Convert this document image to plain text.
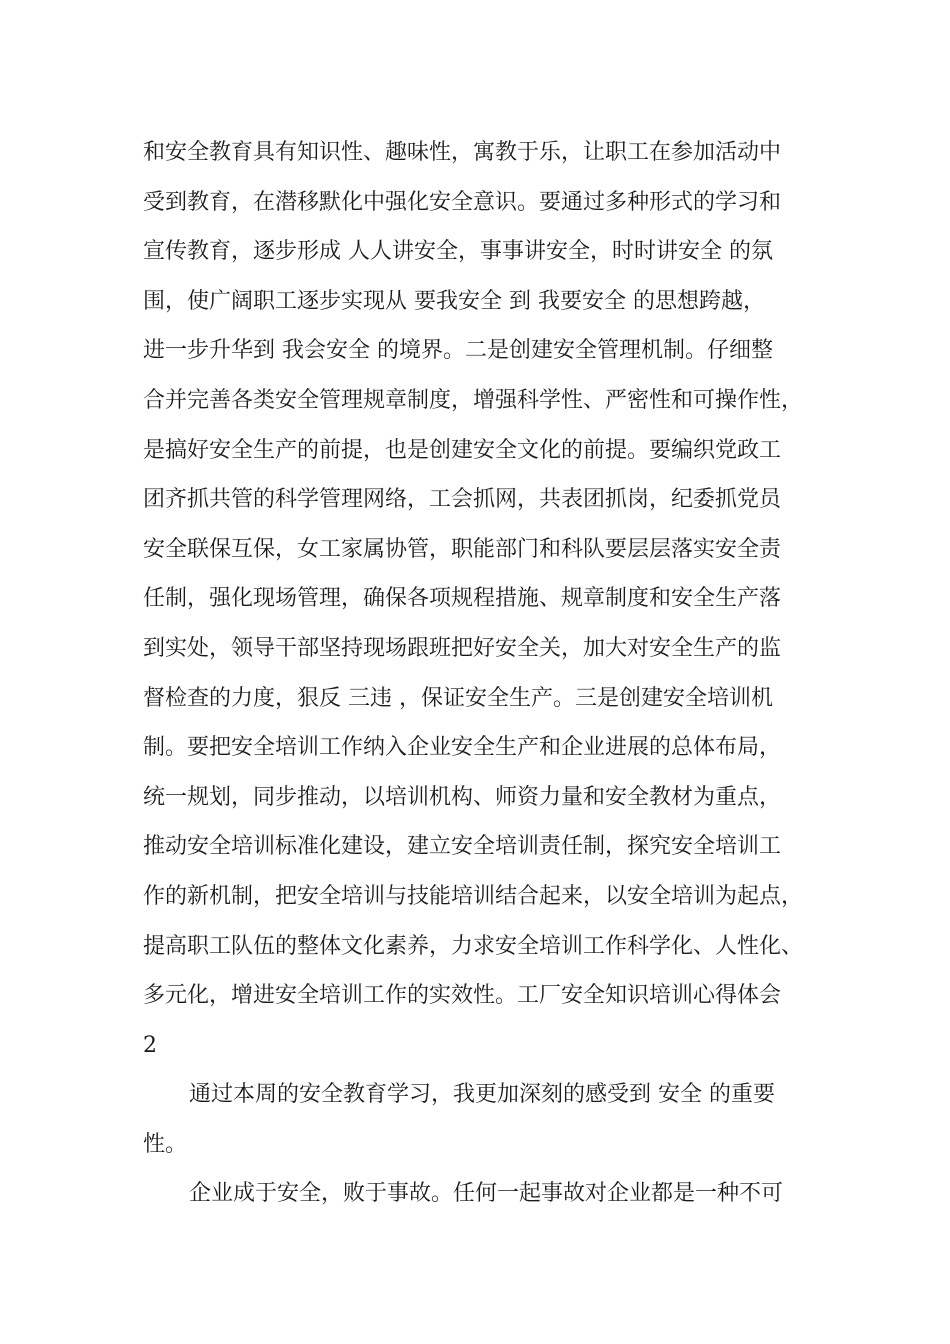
和安全教育具有知识性、趣味性，寓教于乐，让职工在参加活动中
受到教育，在潜移默化中强化安全意识。要通过多种形式的学习和
宣传教育，逐步形成 人人讲安全，事事讲安全，时时讲安全 的氛
围，使广阔职工逐步实现从 要我安全 到 我要安全 的思想跨越，
进一步升华到 我会安全 的境界。二是创建安全管理机制。仔细整
合并完善各类安全管理规章制度，增强科学性、严密性和可操作性，
是搞好安全生产的前提，也是创建安全文化的前提。要编织党政工
团齐抓共管的科学管理网络，工会抓网，共表团抓岗，纪委抓党员
安全联保互保，女工家属协管，职能部门和科队要层层落实安全责
任制，强化现场管理，确保各项规程措施、规章制度和安全生产落
到实处，领导干部坚持现场跟班把好安全关，加大对安全生产的监
督检查的力度，狠反 三违 ，保证安全生产。三是创建安全培训机
制。要把安全培训工作纳入企业安全生产和企业进展的总体布局，
统一规划，同步推动，以培训机构、师资力量和安全教材为重点，
推动安全培训标准化建设，建立安全培训责任制，探究安全培训工
作的新机制，把安全培训与技能培训结合起来，以安全培训为起点，
提高职工队伍的整体文化素养，力求安全培训工作科学化、人性化、
多元化，增进安全培训工作的实效性。工厂安全知识培训心得体会
2
通过本周的安全教育学习，我更加深刻的感受到 安全 的重要
性。
企业成于安全，败于事故。任何一起事故对企业都是一种不可
